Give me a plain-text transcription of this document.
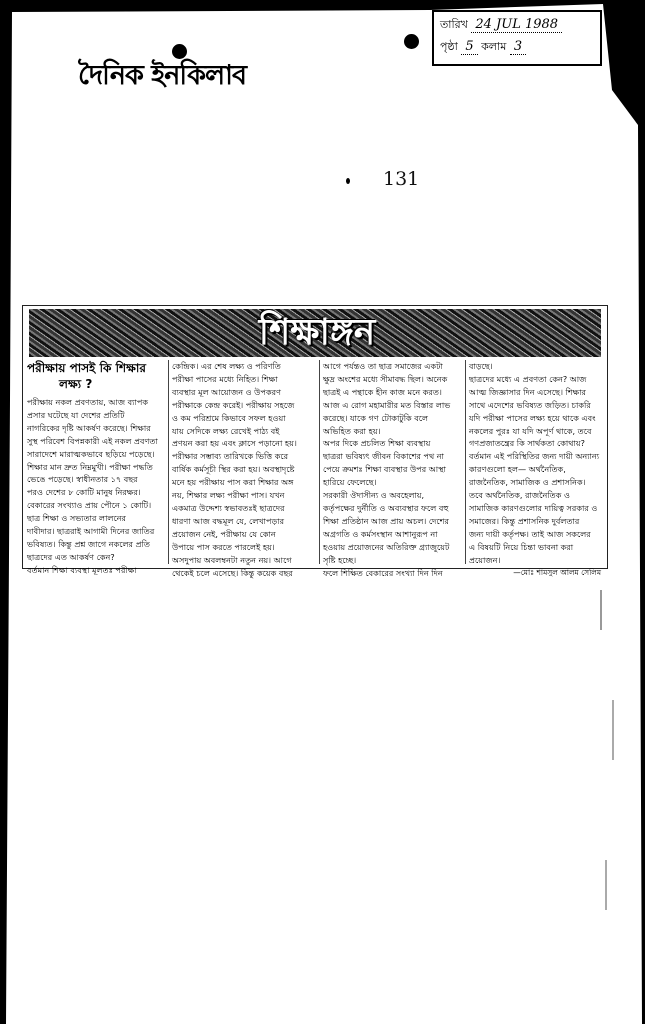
তারিখ 24 JUL 1988
পৃষ্ঠা 5 কলাম 3
দৈনিক ইনকিলাব
131
শিক্ষাঙ্গন
পরীক্ষায় পাসই কি শিক্ষার
লক্ষ্য ?

পরীক্ষায় নকল প্রবণতায়, আজ ব্যাপক

প্রসার ঘটেছে যা দেশের প্রতিটি

নাগরিকের দৃষ্টি আকর্ষণ করেছে। শিক্ষার

সুস্থ পরিবেশ বিপন্নকারী এই নকল প্রবণতা

সারাদেশে মারাত্মকভাবে ছড়িয়ে পড়েছে।

শিক্ষার মান দ্রুত নিম্নমুখী। পরীক্ষা পদ্ধতি

ভেঙে পড়েছে। স্বাধীনতার ১৭ বছর

পরও দেশের ৮ কোটি মানুষ নিরক্ষর।

বেকারের সংখ্যাও প্রায় পৌনে ১ কোটি।

ছাত্র শিক্ষা ও সভ্যতার লালনের

দাবীদার। ছাত্ররাই আগামী দিনের জাতির

ভবিষ্যত। কিন্তু প্রশ্ন জাগে নকলের প্রতি

ছাত্রদের এত আকর্ষণ কেন?

বর্তমান শিক্ষা ব্যবস্থা মূলতঃ পরীক্ষা

কেন্দ্রিক। এর শেষ লক্ষ্য ও পরিণতি

পরীক্ষা পাসের মধ্যে নিহিত। শিক্ষা

ব্যবস্থার মূল আয়োজন ও উপকরণ

পরীক্ষাকে কেন্দ্র করেই। পরীক্ষায় সহজে

ও কম পরিশ্রমে কিভাবে সফল হওয়া

যায় সেদিকে লক্ষ্য রেখেই পাঠ্য বই

প্রণয়ন করা হয় এবং ক্লাসে পড়ানো হয়।

পরীক্ষার সম্ভাব্য তারিখকে ভিত্তি করে

বার্ষিক কর্মসূচী স্থির করা হয়। অবস্থাদৃষ্টে

মনে হয় পরীক্ষায় পাস করা শিক্ষার অঙ্গ

নয়, শিক্ষার লক্ষ্য পরীক্ষা পাস। যখন

একমাত্র উদ্দেশ্য স্বভাবতঃই ছাত্রদের

ধারণা আজ বদ্ধমূল যে, লেখাপড়ার

প্রয়োজন নেই, পরীক্ষায় যে কোন

উপায়ে পাস করতে পারলেই হয়।

অসদুপায় অবলম্বনটা নতুন নয়। আগে

থেকেই চলে এসেছে। কিন্তু কয়েক বছর

আগে পর্যন্তও তা ছাত্র সমাজের একটা

ক্ষুদ্র অংশের মধ্যে সীমাবদ্ধ ছিল। অনেক

ছাত্রই এ পন্থাকে হীন কাজ মনে করত।

আজ এ রোগ মহামারীর মত বিস্তার লাভ

করেছে। যাকে গণ টোকাটুকি বলে

অভিহিত করা হয়।

অপর দিকে প্রচলিত শিক্ষা ব্যবস্থায়

ছাত্ররা ভবিষ্যৎ জীবন বিকাশের পথ না

পেয়ে ক্রমশঃ শিক্ষা ব্যবস্থার উপর আস্থা

হারিয়ে ফেলেছে।

সরকারী ঔদাসীন্য ও অবহেলায়,

কর্তৃপক্ষের দুর্নীতি ও অব্যবস্থার ফলে বহু

শিক্ষা প্রতিষ্ঠান আজ প্রায় অচল। দেশের

অগ্রগতি ও কর্মসংস্থান আশানুরূপ না

হওয়ায় প্রয়োজনের অতিরিক্ত গ্র্যাজুয়েট

সৃষ্টি হচ্ছে।

ফলে শিক্ষিত বেকারের সংখ্যা দিন দিন

বাড়ছে।

ছাত্রদের মধ্যে এ প্রবণতা কেন? আজ

আত্ম জিজ্ঞাসার দিন এসেছে। শিক্ষার

সাথে এদেশের ভবিষ্যত জড়িত। চাকরি

যদি পরীক্ষা পাসের লক্ষ্য হয়ে থাকে এবং

নকলের পুরঃ যা যদি অপূর্ণ থাকে, তবে

গণপ্রজাতন্ত্রের কি সার্থকতা কোথায়?

বর্তমান এই পরিস্থিতির জন্য দায়ী অন্যান্য

কারণগুলো হল— অর্থনৈতিক,

রাজনৈতিক, সামাজিক ও প্রশাসনিক।

তবে অর্থনৈতিক, রাজনৈতিক ও

সামাজিক কারণগুলোর দায়িত্ব সরকার ও

সমাজের। কিন্তু প্রশাসনিক দুর্বলতার

জন্য দায়ী কর্তৃপক্ষ। তাই আজ সকলের

এ বিষয়টি নিয়ে চিন্তা ভাবনা করা

প্রয়োজন।

—মোঃ শামসুল আলম সেলিম
